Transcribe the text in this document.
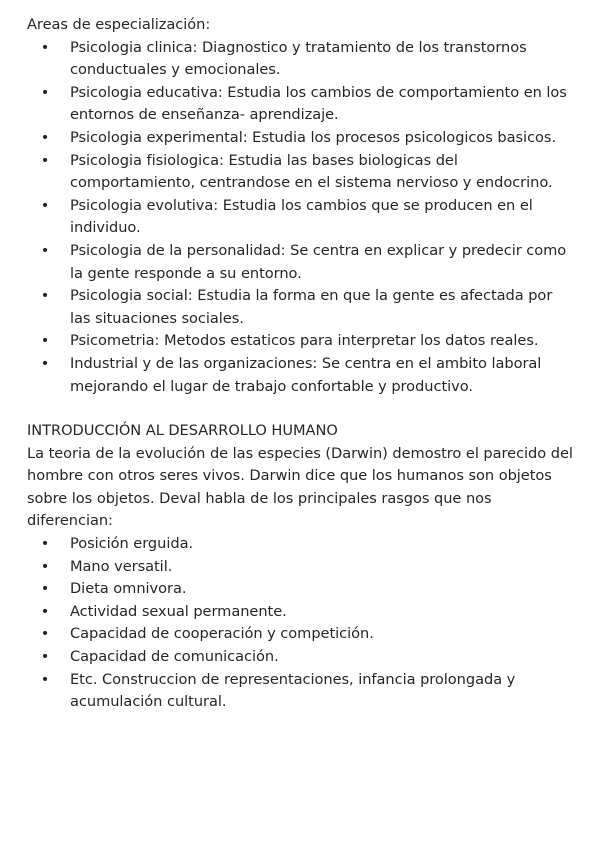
Areas de especialización:

• Psicologia clinica: Diagnostico y tratamiento de los transtornos conductuales y emocionales.
• Psicologia educativa: Estudia los cambios de comportamiento en los entornos de enseñanza- aprendizaje.
• Psicologia experimental: Estudia los procesos psicologicos basicos.
• Psicologia fisiologica: Estudia las bases biologicas del comportamiento, centrandose en el sistema nervioso y endocrino.
• Psicologia evolutiva: Estudia los cambios que se producen en el individuo.
• Psicologia de la personalidad: Se centra en explicar y predecir como la gente responde a su entorno.
• Psicologia social: Estudia la forma en que la gente es afectada por las situaciones sociales.
• Psicometria: Metodos estaticos para interpretar los datos reales.
• Industrial y de las organizaciones: Se centra en el ambito laboral mejorando el lugar de trabajo confortable y productivo.

INTRODUCCIÓN AL DESARROLLO HUMANO

La teoria de la evolución de las especies (Darwin) demostro el parecido del hombre con otros seres vivos. Darwin dice que los humanos son objetos sobre los objetos. Deval habla de los principales rasgos que nos diferencian:

• Posición erguida.
• Mano versatil.
• Dieta omnivora.
• Actividad sexual permanente.
• Capacidad de cooperación y competición.
• Capacidad de comunicación.
• Etc. Construccion de representaciones, infancia prolongada y acumulación cultural.
